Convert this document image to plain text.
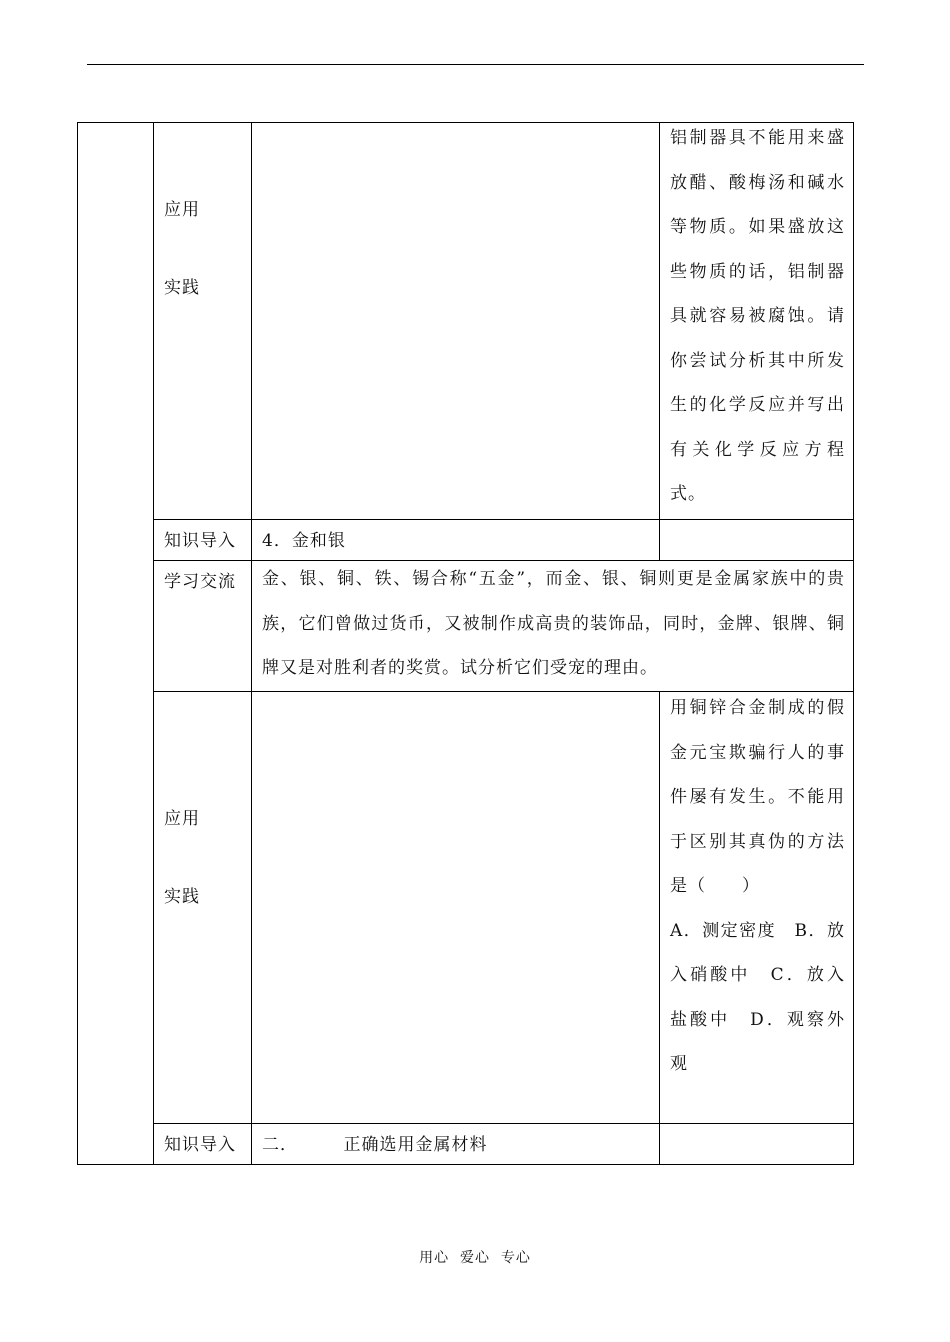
应用
实践
铝制器具不能用来盛放醋、酸梅汤和碱水等物质。如果盛放这些物质的话，铝制器具就容易被腐蚀。请你尝试分析其中所发生的化学反应并写出有关化学反应方程式。
知识导入 4．金和银
学习交流 金、银、铜、铁、锡合称“五金”，而金、银、铜则更是金属家族中的贵族，它们曾做过货币，又被制作成高贵的装饰品，同时，金牌、银牌、铜牌又是对胜利者的奖赏。试分析它们受宠的理由。
应用
实践
用铜锌合金制成的假金元宝欺骗行人的事件屡有发生。不能用于区别其真伪的方法是（　　）
A．测定密度　B．放入硝酸中　C．放入盐酸中　D．观察外观
知识导入 二．　　　正确选用金属材料
用心  爱心  专心
